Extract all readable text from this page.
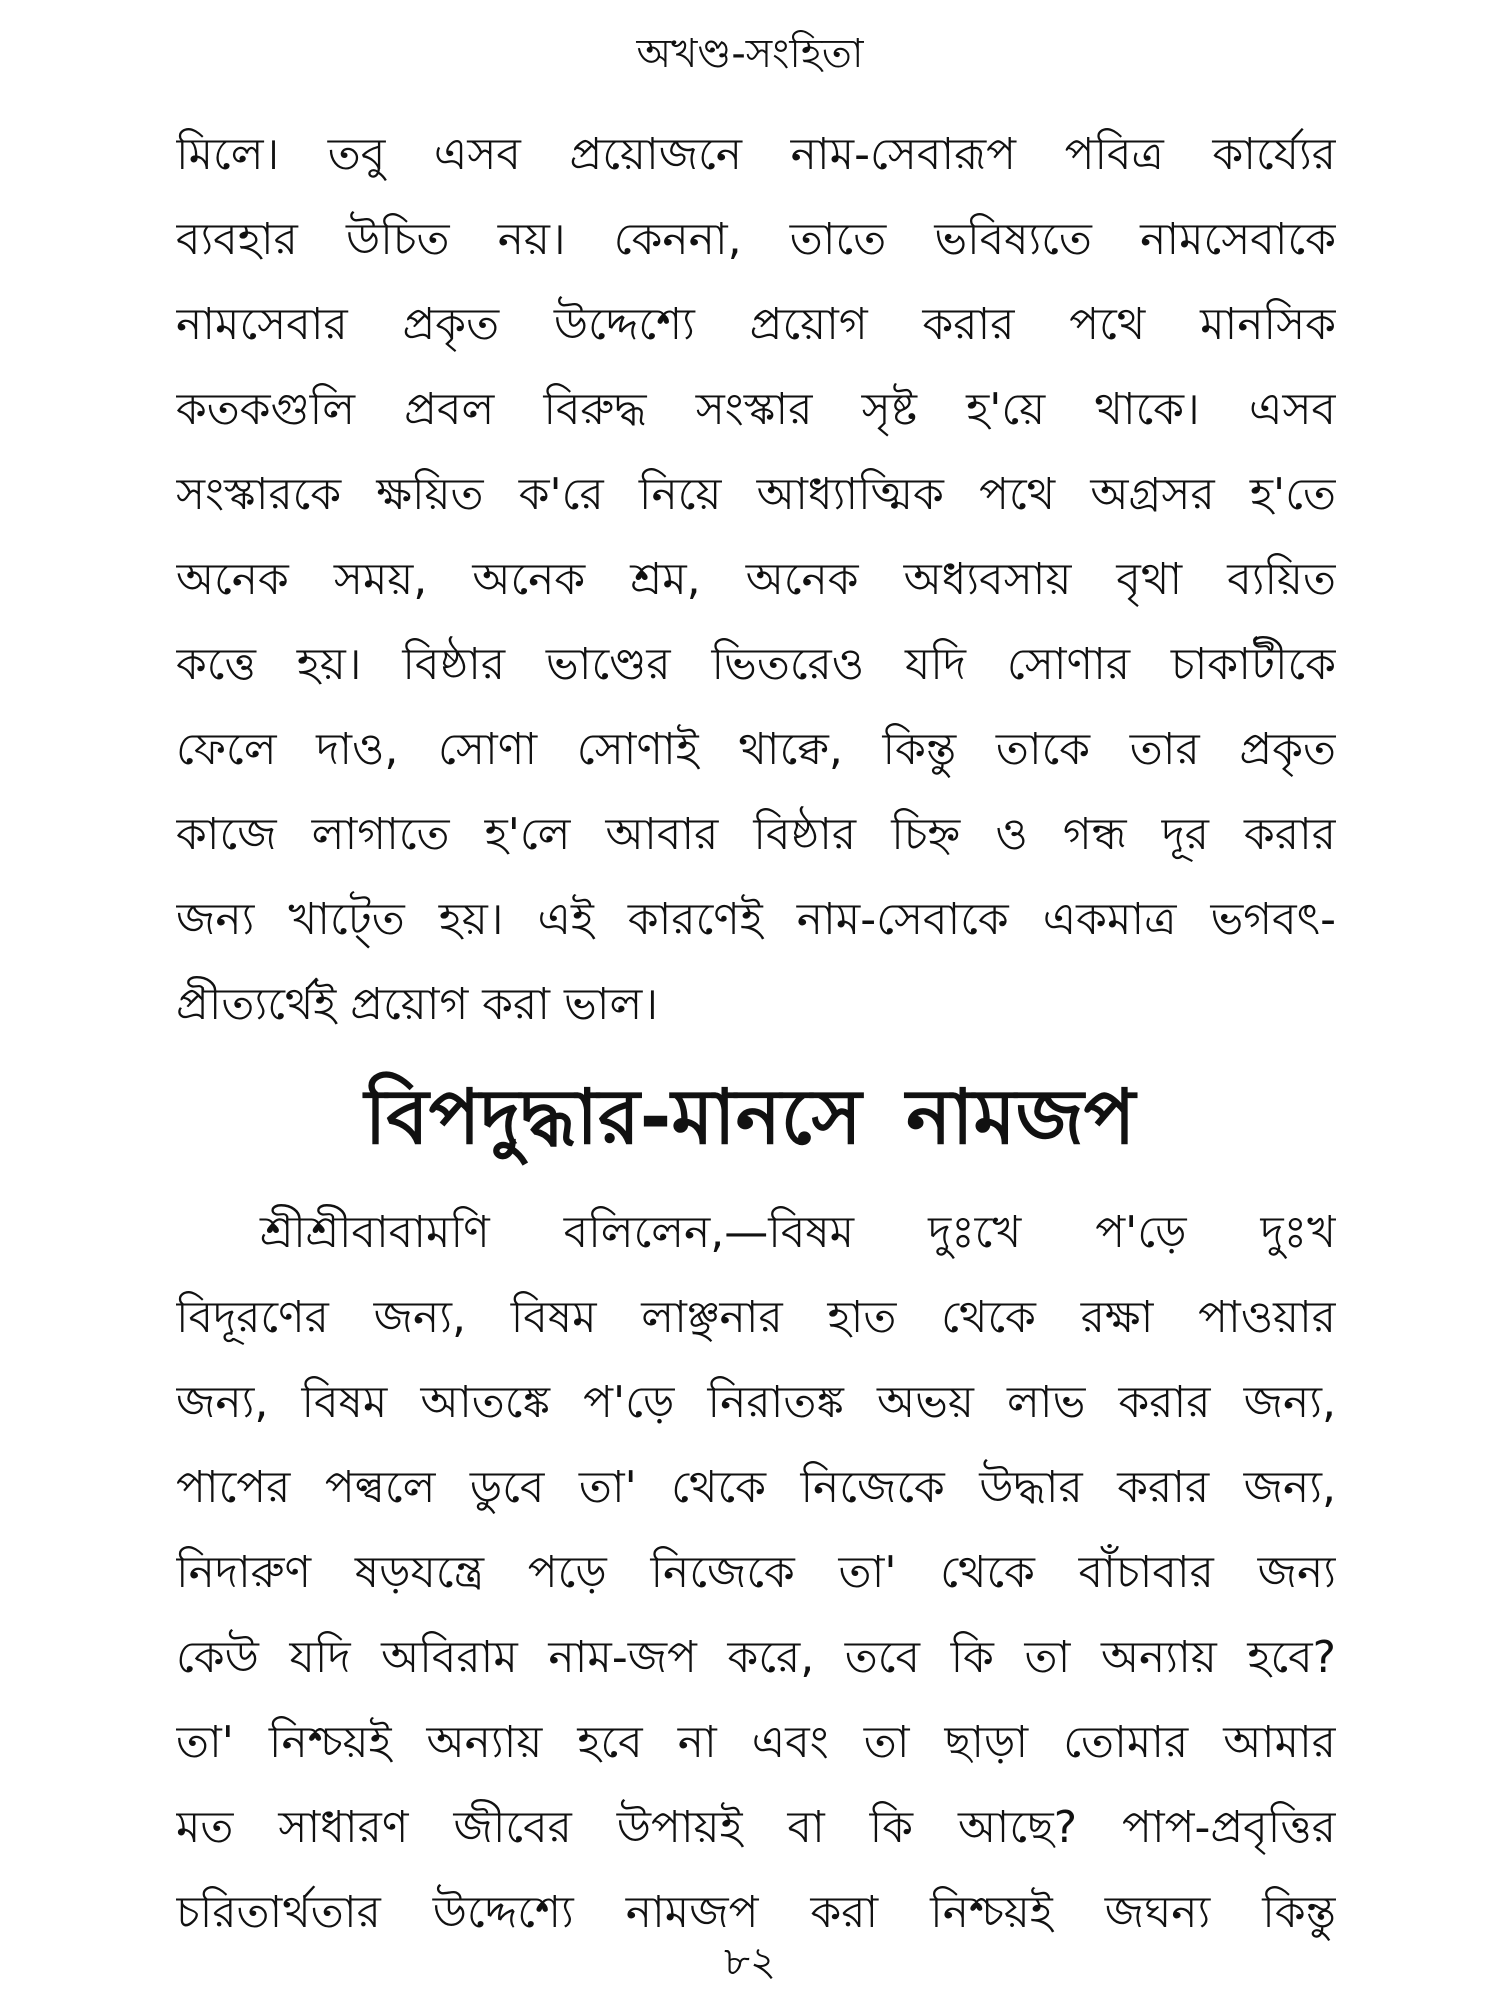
অখণ্ড-সংহিতা
মিলে। তবু এসব প্রয়োজনে নাম-সেবারূপ পবিত্র কার্য্যের
ব্যবহার উচিত নয়। কেননা, তাতে ভবিষ্যতে নামসেবাকে
নামসেবার প্রকৃত উদ্দেশ্যে প্রয়োগ করার পথে মানসিক
কতকগুলি প্রবল বিরুদ্ধ সংস্কার সৃষ্ট হ'য়ে থাকে। এসব
সংস্কারকে ক্ষয়িত ক'রে নিয়ে আধ্যাত্মিক পথে অগ্রসর হ'তে
অনেক সময়, অনেক শ্রম, অনেক অধ্যবসায় বৃথা ব্যয়িত
কত্তে হয়। বিষ্ঠার ভাণ্ডের ভিতরেও যদি সোণার চাকাটীকে
ফেলে দাও, সোণা সোণাই থাক্বে, কিন্তু তাকে তার প্রকৃত
কাজে লাগাতে হ'লে আবার বিষ্ঠার চিহ্ন ও গন্ধ দূর করার
জন্য খাট্তে হয়। এই কারণেই নাম-সেবাকে একমাত্র ভগবৎ-
প্রীত্যর্থেই প্রয়োগ করা ভাল।
বিপদুদ্ধার-মানসে নামজপ
শ্রীশ্রীবাবামণি বলিলেন,—বিষম দুঃখে প'ড়ে দুঃখ
বিদূরণের জন্য, বিষম লাঞ্ছনার হাত থেকে রক্ষা পাওয়ার
জন্য, বিষম আতঙ্কে প'ড়ে নিরাতঙ্ক অভয় লাভ করার জন্য,
পাপের পল্বলে ডুবে তা' থেকে নিজেকে উদ্ধার করার জন্য,
নিদারুণ ষড়যন্ত্রে পড়ে নিজেকে তা' থেকে বাঁচাবার জন্য
কেউ যদি অবিরাম নাম-জপ করে, তবে কি তা অন্যায় হবে?
তা' নিশ্চয়ই অন্যায় হবে না এবং তা ছাড়া তোমার আমার
মত সাধারণ জীবের উপায়ই বা কি আছে? পাপ-প্রবৃত্তির
চরিতার্থতার উদ্দেশ্যে নামজপ করা নিশ্চয়ই জঘন্য কিন্তু
৮২
